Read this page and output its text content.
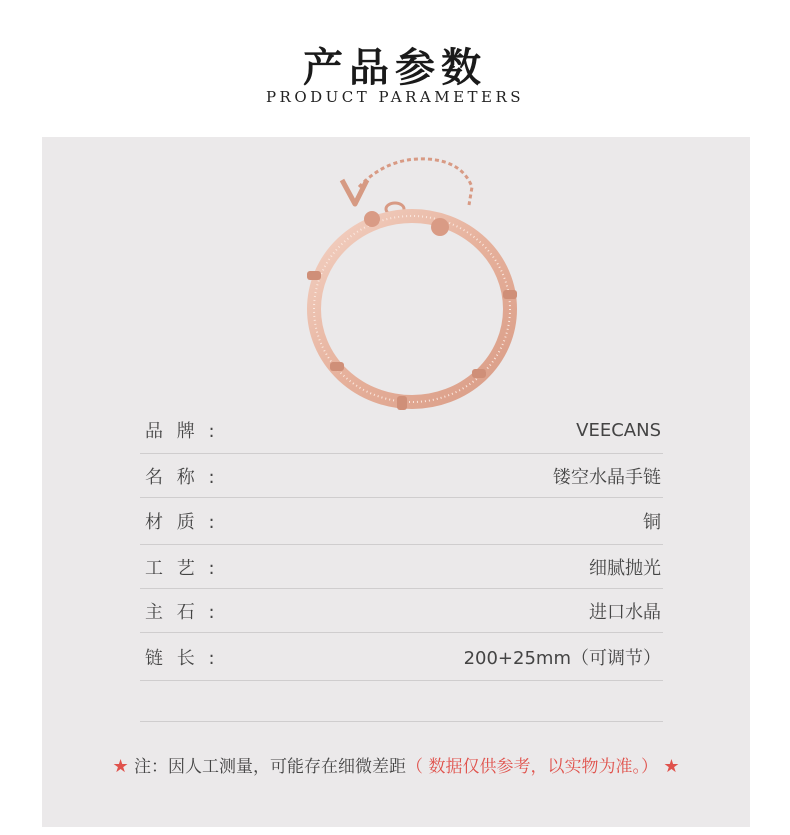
产品参数
PRODUCT PARAMETERS
品 牌 :	VEECANS
名 称 :	镂空水晶手链
材 质 :	铜
工 艺 :	细腻抛光
主 石 :	进口水晶
链 长 :	200+25mm（可调节）
★ 注：因人工测量，可能存在细微差距（ 数据仅供参考，以实物为准。） ★
